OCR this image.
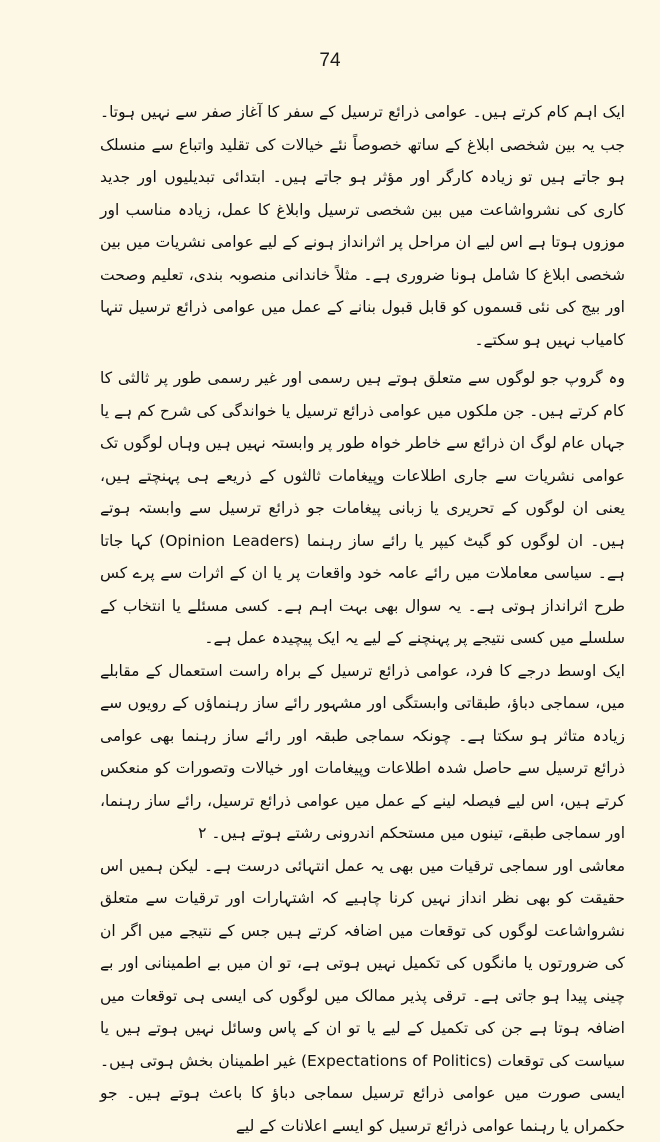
74

ایک اہم کام کرتے ہیں۔ عوامی ذرائع ترسیل کے سفر کا آغاز صفر سے نہیں ہوتا۔ جب یہ بین شخصی ابلاغ کے ساتھ خصوصاً نئے خیالات کی تقلید واتباع سے منسلک ہو جاتے ہیں تو زیادہ کارگر اور مؤثر ہو جاتے ہیں۔ ابتدائی تبدیلیوں اور جدید کاری کی نشرواشاعت میں بین شخصی ترسیل وابلاغ کا عمل، زیادہ مناسب اور موزوں ہوتا ہے اس لیے ان مراحل پر اثرانداز ہونے کے لیے عوامی نشریات میں بین شخصی ابلاغ کا شامل ہونا ضروری ہے۔ مثلاً خاندانی منصوبہ بندی، تعلیم وصحت اور بیج کی نئی قسموں کو قابل قبول بنانے کے عمل میں عوامی ذرائع ترسیل تنہا کامیاب نہیں ہو سکتے۔

وہ گروپ جو لوگوں سے متعلق ہوتے ہیں رسمی اور غیر رسمی طور پر ثالثی کا کام کرتے ہیں۔ جن ملکوں میں عوامی ذرائع ترسیل یا خواندگی کی شرح کم ہے یا جہاں عام لوگ ان ذرائع سے خاطر خواہ طور پر وابستہ نہیں ہیں وہاں لوگوں تک عوامی نشریات سے جاری اطلاعات وپیغامات ثالثوں کے ذریعے ہی پہنچتے ہیں، یعنی ان لوگوں کے تحریری یا زبانی پیغامات جو ذرائع ترسیل سے وابستہ ہوتے ہیں۔ ان لوگوں کو گیٹ کیپر یا رائے ساز رہنما (Opinion Leaders) کہا جاتا ہے۔ سیاسی معاملات میں رائے عامہ خود واقعات پر یا ان کے اثرات سے پرے کس طرح اثرانداز ہوتی ہے۔ یہ سوال بھی بہت اہم ہے۔ کسی مسئلے یا انتخاب کے سلسلے میں کسی نتیجے پر پہنچنے کے لیے یہ ایک پیچیدہ عمل ہے۔

ایک اوسط درجے کا فرد، عوامی ذرائع ترسیل کے براہ راست استعمال کے مقابلے میں، سماجی دباؤ، طبقاتی وابستگی اور مشہور رائے ساز رہنماؤں کے رویوں سے زیادہ متاثر ہو سکتا ہے۔ چونکہ سماجی طبقہ اور رائے ساز رہنما بھی عوامی ذرائع ترسیل سے حاصل شدہ اطلاعات وپیغامات اور خیالات وتصورات کو منعکس کرتے ہیں، اس لیے فیصلہ لینے کے عمل میں عوامی ذرائع ترسیل، رائے ساز رہنما، اور سماجی طبقے، تینوں میں مستحکم اندرونی رشتے ہوتے ہیں۔ ۲

معاشی اور سماجی ترقیات میں بھی یہ عمل انتہائی درست ہے۔ لیکن ہمیں اس حقیقت کو بھی نظر انداز نہیں کرنا چاہیے کہ اشتہارات اور ترقیات سے متعلق نشرواشاعت لوگوں کی توقعات میں اضافہ کرتے ہیں جس کے نتیجے میں اگر ان کی ضرورتوں یا مانگوں کی تکمیل نہیں ہوتی ہے، تو ان میں بے اطمینانی اور بے چینی پیدا ہو جاتی ہے۔ ترقی پذیر ممالک میں لوگوں کی ایسی ہی توقعات میں اضافہ ہوتا ہے جن کی تکمیل کے لیے یا تو ان کے پاس وسائل نہیں ہوتے ہیں یا سیاست کی توقعات (Expectations of Politics) غیر اطمینان بخش ہوتی ہیں۔ ایسی صورت میں عوامی ذرائع ترسیل سماجی دباؤ کا باعث ہوتے ہیں۔ جو حکمراں یا رہنما عوامی ذرائع ترسیل کو ایسے اعلانات کے لیے
